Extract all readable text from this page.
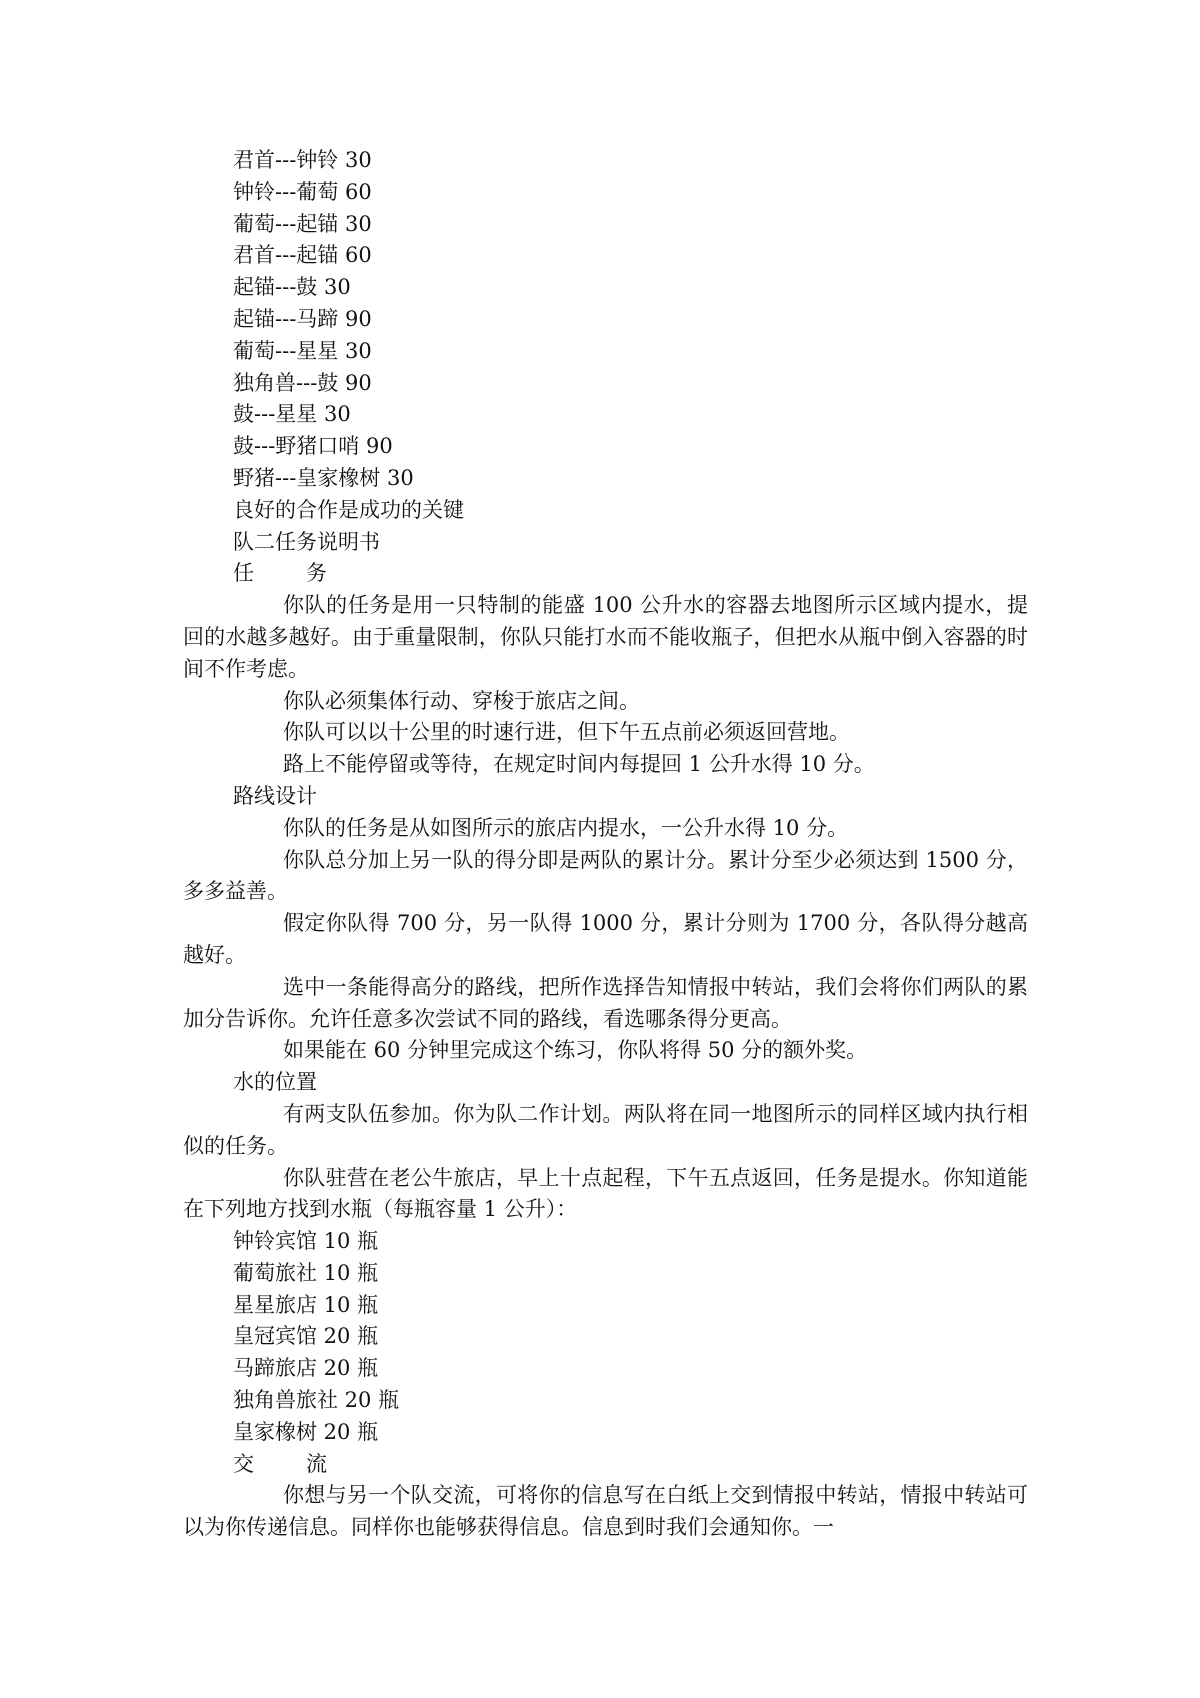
君首---钟铃 30
钟铃---葡萄 60
葡萄---起锚 30
君首---起锚 60
起锚---鼓 30
起锚---马蹄 90
葡萄---星星 30
独角兽---鼓 90
鼓---星星 30
鼓---野猪口哨 90
野猪---皇家橡树 30
良好的合作是成功的关键
队二任务说明书
任 务

你队的任务是用一只特制的能盛 100 公升水的容器去地图所示区域内提水，提回的水越多越好。由于重量限制，你队只能打水而不能收瓶子，但把水从瓶中倒入容器的时间不作考虑。

你队必须集体行动、穿梭于旅店之间。

你队可以以十公里的时速行进，但下午五点前必须返回营地。

路上不能停留或等待，在规定时间内每提回 1 公升水得 10 分。

路线设计

你队的任务是从如图所示的旅店内提水，一公升水得 10 分。

你队总分加上另一队的得分即是两队的累计分。累计分至少必须达到 1500 分，多多益善。

假定你队得 700 分，另一队得 1000 分，累计分则为 1700 分，各队得分越高越好。

选中一条能得高分的路线，把所作选择告知情报中转站，我们会将你们两队的累加分告诉你。允许任意多次尝试不同的路线，看选哪条得分更高。

如果能在 60 分钟里完成这个练习，你队将得 50 分的额外奖。

水的位置

有两支队伍参加。你为队二作计划。两队将在同一地图所示的同样区域内执行相似的任务。

你队驻营在老公牛旅店，早上十点起程，下午五点返回，任务是提水。你知道能在下列地方找到水瓶（每瓶容量 1 公升）：

钟铃宾馆 10 瓶
葡萄旅社 10 瓶
星星旅店 10 瓶
皇冠宾馆 20 瓶
马蹄旅店 20 瓶
独角兽旅社 20 瓶
皇家橡树 20 瓶
交 流

你想与另一个队交流，可将你的信息写在白纸上交到情报中转站，情报中转站可以为你传递信息。同样你也能够获得信息。信息到时我们会通知你。一
